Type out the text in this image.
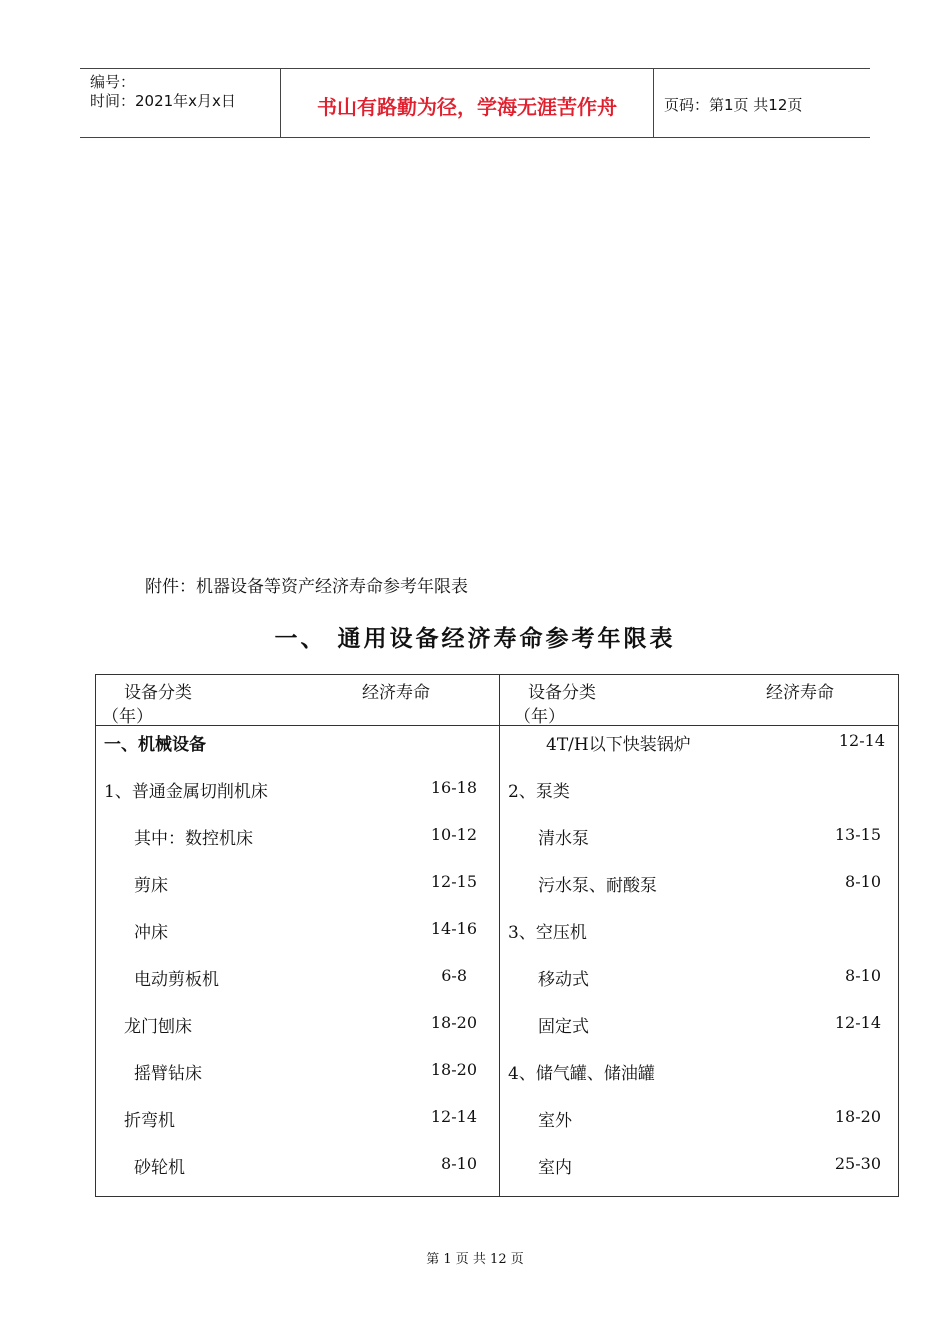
编号：
时间：2021年x月x日	书山有路勤为径，学海无涯苦作舟	页码：第1页 共12页
附件：机器设备等资产经济寿命参考年限表
一、 通用设备经济寿命参考年限表
设备分类	经济寿命
（年）
设备分类	经济寿命
（年）
一、机械设备
1、普通金属切削机床	16-18
其中：数控机床	10-12
剪床	12-15
冲床	14-16
电动剪板机	6-8
龙门刨床	18-20
摇臂钻床	18-20
折弯机	12-14
砂轮机	8-10
4T/H以下快装锅炉	12-14
2、泵类
清水泵	13-15
污水泵、耐酸泵	8-10
3、空压机
移动式	8-10
固定式	12-14
4、储气罐、储油罐
室外	18-20
室内	25-30
第 1 页 共 12 页
